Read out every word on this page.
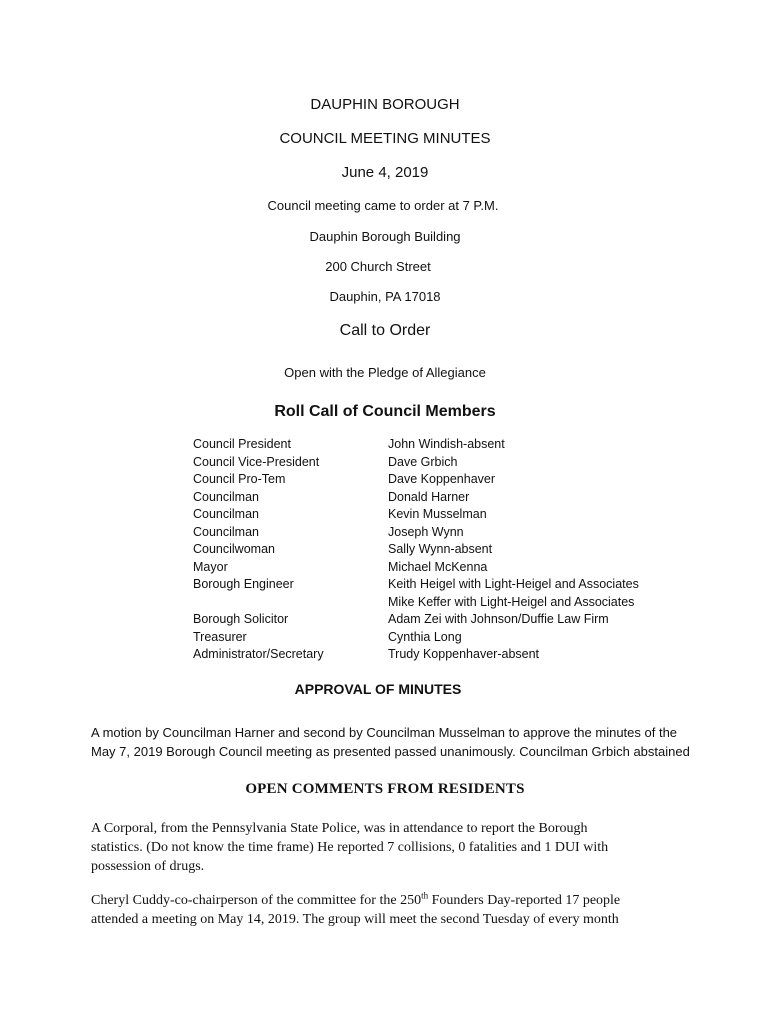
DAUPHIN BOROUGH
COUNCIL MEETING MINUTES
June 4, 2019
Council meeting came to order at 7 P.M.
Dauphin Borough Building
200 Church Street
Dauphin, PA 17018
Call to Order
Open with the Pledge of Allegiance
Roll Call of Council Members
Council President	John Windish-absent
Council Vice-President	Dave Grbich
Council Pro-Tem	Dave Koppenhaver
Councilman	Donald Harner
Councilman	Kevin Musselman
Councilman	Joseph Wynn
Councilwoman	Sally Wynn-absent
Mayor	Michael McKenna
Borough Engineer	Keith Heigel with Light-Heigel and Associates
Mike Keffer with Light-Heigel and Associates
Borough Solicitor	Adam Zei with Johnson/Duffie Law Firm
Treasurer	Cynthia Long
Administrator/Secretary	Trudy Koppenhaver-absent
APPROVAL OF MINUTES
A motion by Councilman Harner and second by Councilman Musselman to approve the minutes of the
May 7, 2019 Borough Council meeting as presented passed unanimously. Councilman Grbich abstained
OPEN COMMENTS FROM RESIDENTS
A Corporal, from the Pennsylvania State Police, was in attendance to report the Borough
statistics. (Do not know the time frame) He reported 7 collisions, 0 fatalities and 1 DUI with
possession of drugs.
Cheryl Cuddy-co-chairperson of the committee for the 250th Founders Day-reported 17 people
attended a meeting on May 14, 2019. The group will meet the second Tuesday of every month
